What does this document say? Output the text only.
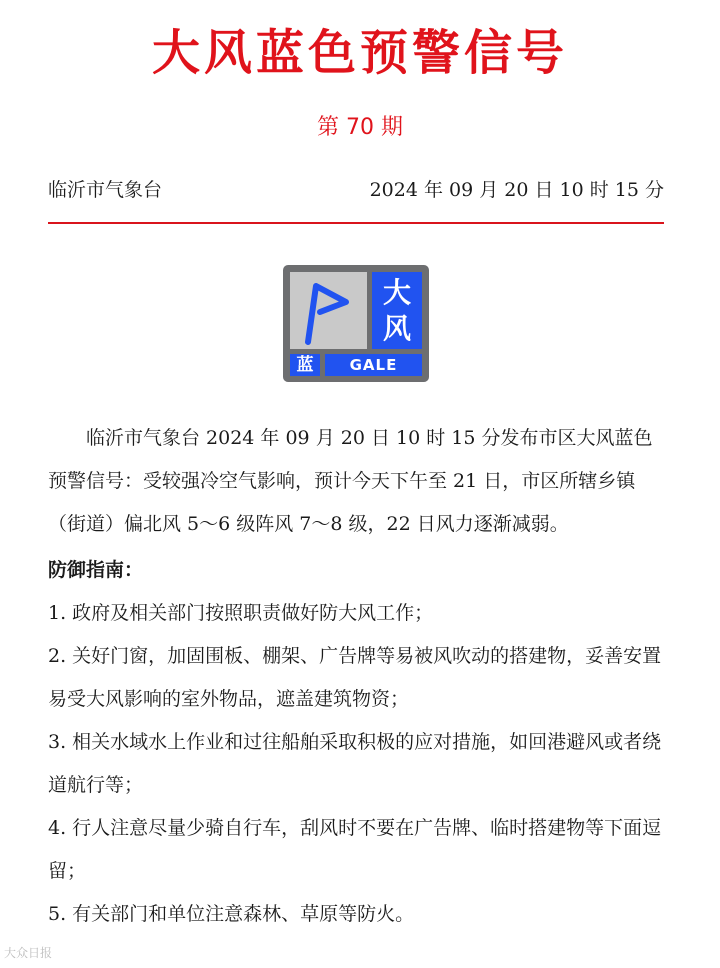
大风蓝色预警信号
第 70 期
临沂市气象台	2024 年 09 月 20 日 10 时 15 分
大
风
蓝	GALE

临沂市气象台 2024 年 09 月 20 日 10 时 15 分发布市区大风蓝色预警信号：受较强冷空气影响，预计今天下午至 21 日，市区所辖乡镇（街道）偏北风 5～6 级阵风 7～8 级，22 日风力逐渐减弱。

防御指南：

1. 政府及相关部门按照职责做好防大风工作；

2. 关好门窗，加固围板、棚架、广告牌等易被风吹动的搭建物，妥善安置易受大风影响的室外物品，遮盖建筑物资；

3. 相关水域水上作业和过往船舶采取积极的应对措施，如回港避风或者绕道航行等；

4. 行人注意尽量少骑自行车，刮风时不要在广告牌、临时搭建物等下面逗留；

5. 有关部门和单位注意森林、草原等防火。

大众日报
